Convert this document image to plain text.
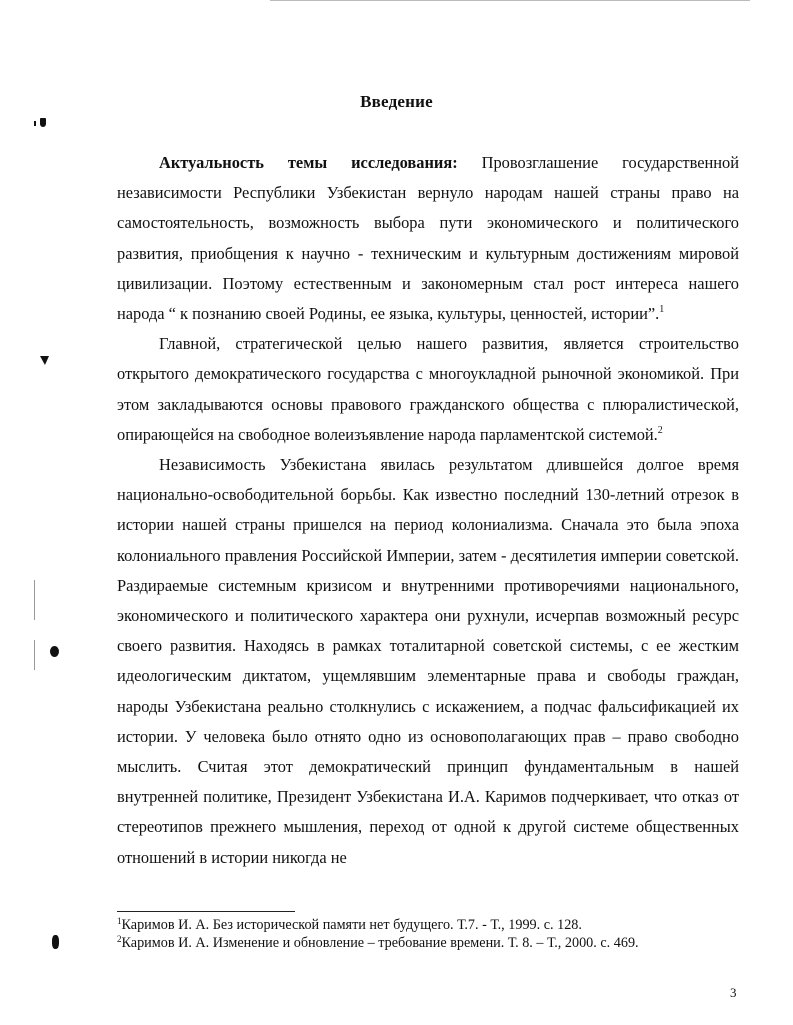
Введение

Актуальность темы исследования: Провозглашение государственной независимости Республики Узбекистан вернуло народам нашей страны право на самостоятельность, возможность выбора пути экономического и политического развития, приобщения к научно - техническим и культурным достижениям мировой цивилизации. Поэтому естественным и закономерным стал рост интереса нашего народа “ к познанию своей Родины, ее языка, культуры, ценностей, истории”.$^1$

Главной, стратегической целью нашего развития, является строительство открытого демократического государства с многоукладной рыночной экономикой. При этом закладываются основы правового гражданского общества с плюралистической, опирающейся на свободное волеизъявление народа парламентской системой.$^2$

Независимость Узбекистана явилась результатом длившейся долгое время национально-освободительной борьбы. Как известно последний 130-летний отрезок в истории нашей страны пришелся на период колониализма. Сначала это была эпоха колониального правления Российской Империи, затем - десятилетия империи советской. Раздираемые системным кризисом и внутренними противоречиями национального, экономического и политического характера они рухнули, исчерпав возможный ресурс своего развития. Находясь в рамках тоталитарной советской системы, с ее жестким идеологическим диктатом, ущемлявшим элементарные права и свободы граждан, народы Узбекистана реально столкнулись с искажением, а подчас фальсификацией их истории. У человека было отнято одно из основополагающих прав – право свободно мыслить. Считая этот демократический принцип фундаментальным в нашей внутренней политике, Президент Узбекистана И.А. Каримов подчеркивает, что отказ от стереотипов прежнего мышления, переход от одной к другой системе общественных отношений в истории никогда не

$^1$Каримов И. А. Без исторической памяти нет будущего. Т.7. - Т., 1999. с. 128.

$^2$Каримов И. А. Изменение и обновление – требование времени. Т. 8. – Т., 2000. с. 469.

3
